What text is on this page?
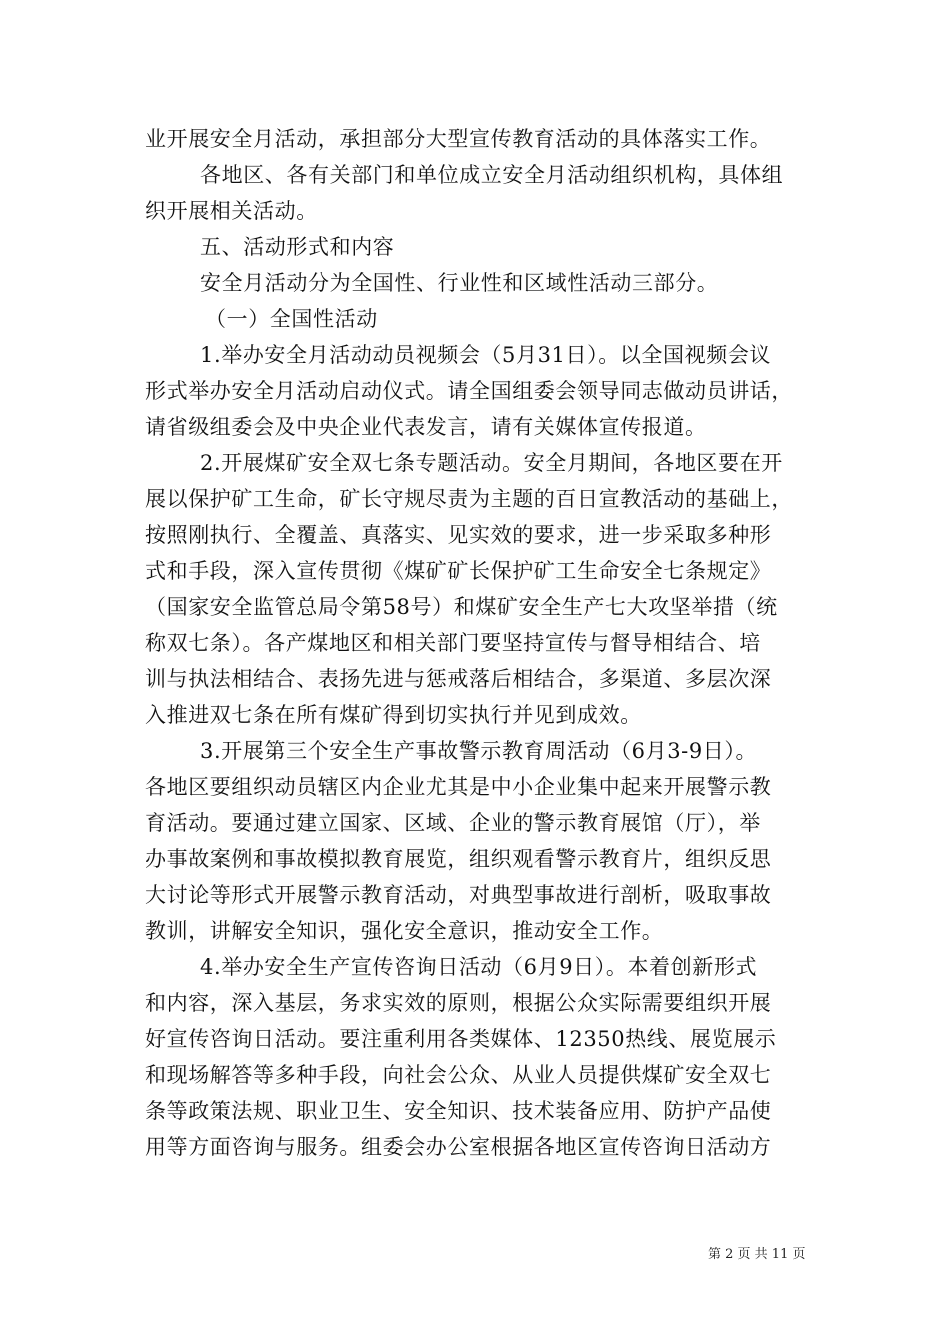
业开展安全月活动，承担部分大型宣传教育活动的具体落实工作。
各地区、各有关部门和单位成立安全月活动组织机构，具体组
织开展相关活动。
五、活动形式和内容
安全月活动分为全国性、行业性和区域性活动三部分。
（一）全国性活动
1.举办安全月活动动员视频会（5月31日）。以全国视频会议
形式举办安全月活动启动仪式。请全国组委会领导同志做动员讲话，
请省级组委会及中央企业代表发言，请有关媒体宣传报道。
2.开展煤矿安全双七条专题活动。安全月期间，各地区要在开
展以保护矿工生命，矿长守规尽责为主题的百日宣教活动的基础上，
按照刚执行、全覆盖、真落实、见实效的要求，进一步采取多种形
式和手段，深入宣传贯彻《煤矿矿长保护矿工生命安全七条规定》
（国家安全监管总局令第58号）和煤矿安全生产七大攻坚举措（统
称双七条）。各产煤地区和相关部门要坚持宣传与督导相结合、培
训与执法相结合、表扬先进与惩戒落后相结合，多渠道、多层次深
入推进双七条在所有煤矿得到切实执行并见到成效。
3.开展第三个安全生产事故警示教育周活动（6月3-9日）。
各地区要组织动员辖区内企业尤其是中小企业集中起来开展警示教
育活动。要通过建立国家、区域、企业的警示教育展馆（厅），举
办事故案例和事故模拟教育展览，组织观看警示教育片，组织反思
大讨论等形式开展警示教育活动，对典型事故进行剖析，吸取事故
教训，讲解安全知识，强化安全意识，推动安全工作。
4.举办安全生产宣传咨询日活动（6月9日）。本着创新形式
和内容，深入基层，务求实效的原则，根据公众实际需要组织开展
好宣传咨询日活动。要注重利用各类媒体、12350热线、展览展示
和现场解答等多种手段，向社会公众、从业人员提供煤矿安全双七
条等政策法规、职业卫生、安全知识、技术装备应用、防护产品使
用等方面咨询与服务。组委会办公室根据各地区宣传咨询日活动方
第 2 页 共 11 页
